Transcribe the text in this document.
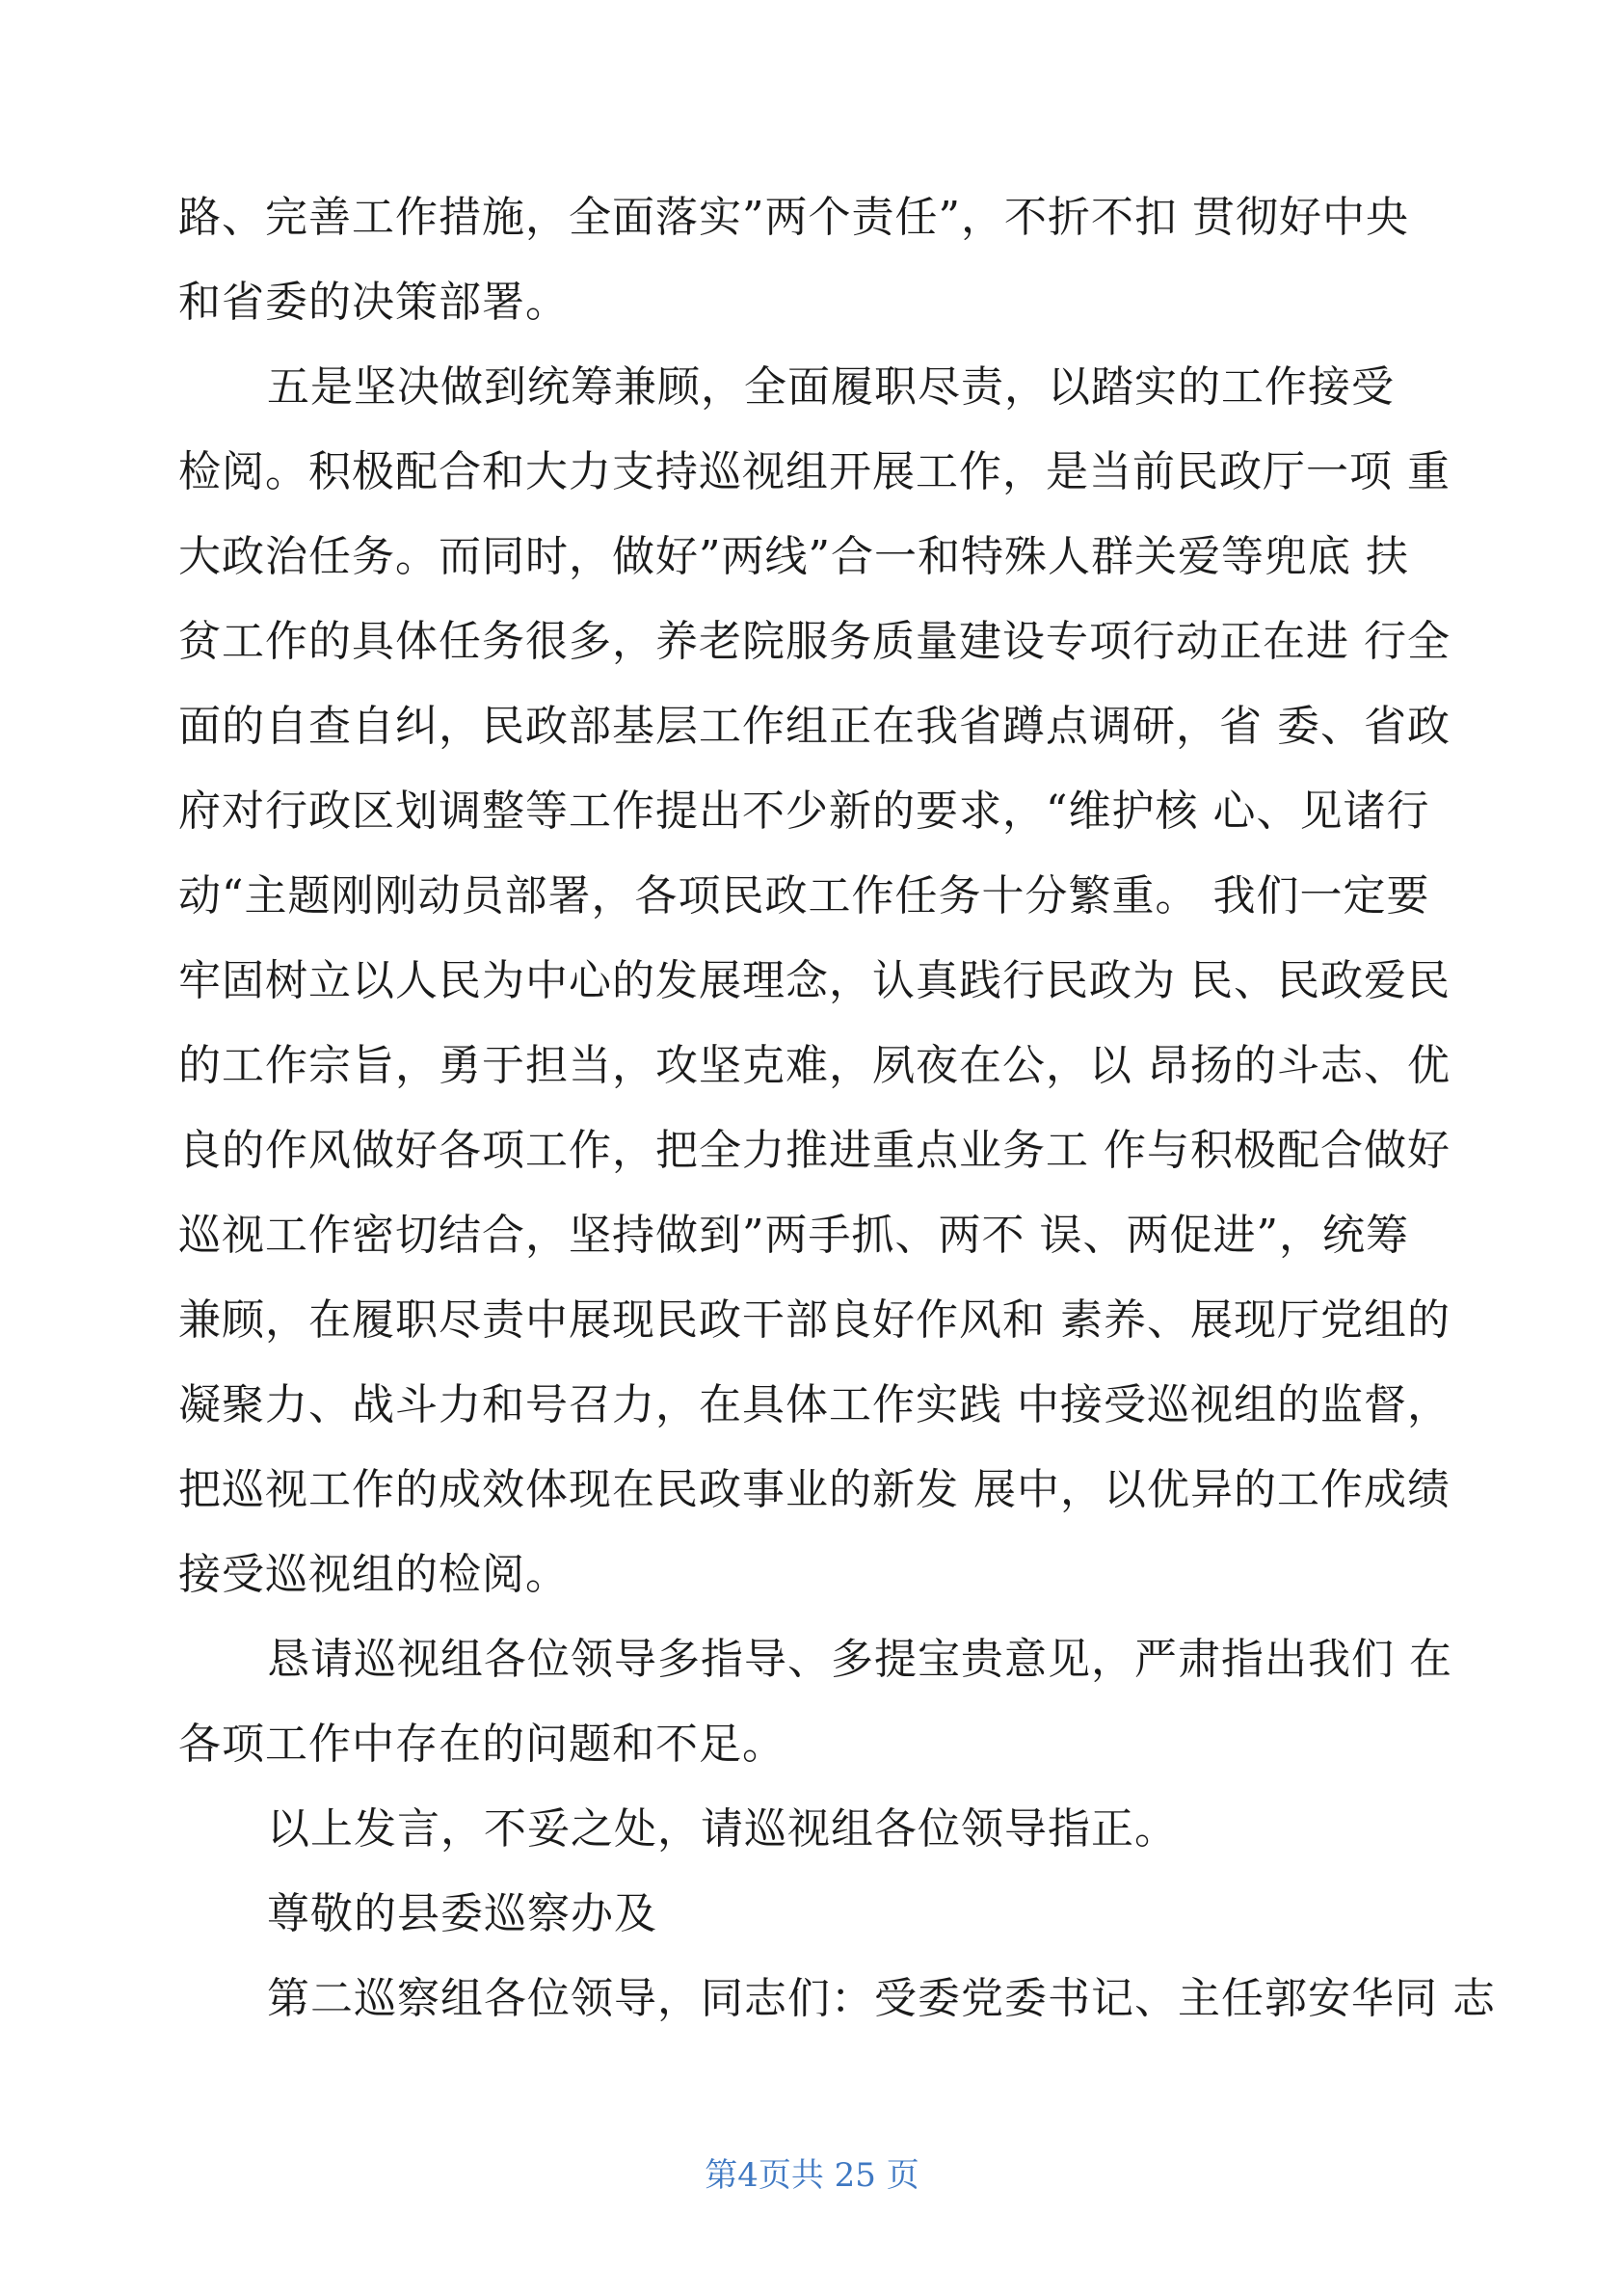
路、完善工作措施，全面落实”两个责任”，不折不扣 贯彻好中央
和省委的决策部署。
五是坚决做到统筹兼顾，全面履职尽责，以踏实的工作接受
检阅。积极配合和大力支持巡视组开展工作，是当前民政厅一项 重
大政治任务。而同时，做好”两线”合一和特殊人群关爱等兜底 扶
贫工作的具体任务很多，养老院服务质量建设专项行动正在进 行全
面的自查自纠，民政部基层工作组正在我省蹲点调研，省 委、省政
府对行政区划调整等工作提出不少新的要求，“维护核 心、见诸行
动“主题刚刚动员部署，各项民政工作任务十分繁重。 我们一定要
牢固树立以人民为中心的发展理念，认真践行民政为 民、民政爱民
的工作宗旨，勇于担当，攻坚克难，夙夜在公，以 昂扬的斗志、优
良的作风做好各项工作，把全力推进重点业务工 作与积极配合做好
巡视工作密切结合，坚持做到”两手抓、两不 误、两促进”，统筹
兼顾，在履职尽责中展现民政干部良好作风和 素养、展现厅党组的
凝聚力、战斗力和号召力，在具体工作实践 中接受巡视组的监督，
把巡视工作的成效体现在民政事业的新发 展中，以优异的工作成绩
接受巡视组的检阅。
恳请巡视组各位领导多指导、多提宝贵意见，严肃指出我们 在
各项工作中存在的问题和不足。
以上发言，不妥之处，请巡视组各位领导指正。
尊敬的县委巡察办及
第二巡察组各位领导，同志们：受委党委书记、主任郭安华同 志
第4页共 25 页
